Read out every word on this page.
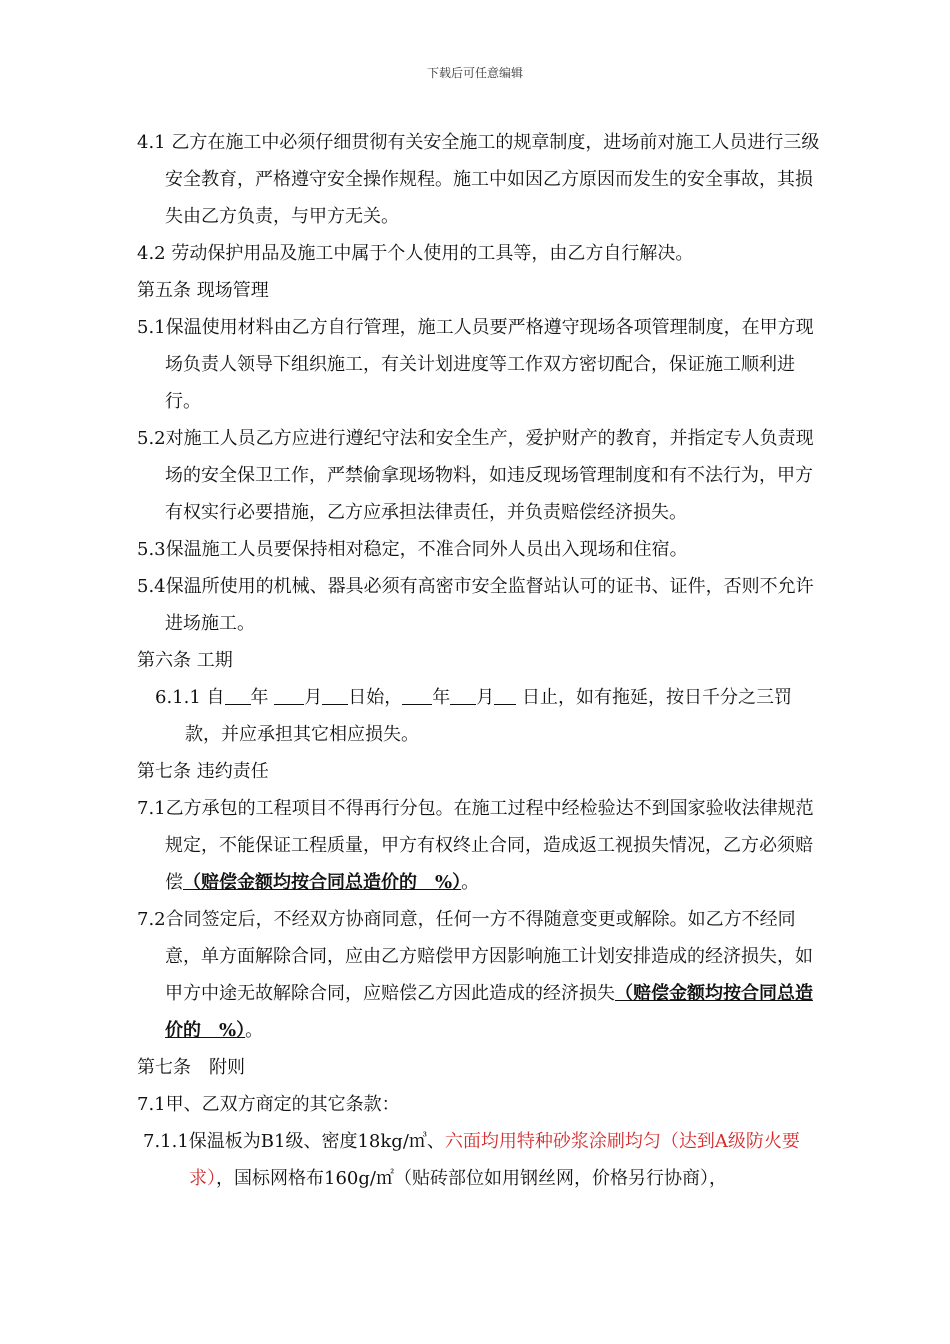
下载后可任意编辑

4.1 乙方在施工中必须仔细贯彻有关安全施工的规章制度，进场前对施工人员进行三级安全教育，严格遵守安全操作规程。施工中如因乙方原因而发生的安全事故，其损失由乙方负责，与甲方无关。

4.2 劳动保护用品及施工中属于个人使用的工具等，由乙方自行解决。

第五条 现场管理

5.1保温使用材料由乙方自行管理，施工人员要严格遵守现场各项管理制度，在甲方现场负责人领导下组织施工，有关计划进度等工作双方密切配合，保证施工顺利进行。

5.2对施工人员乙方应进行遵纪守法和安全生产，爱护财产的教育，并指定专人负责现场的安全保卫工作，严禁偷拿现场物料，如违反现场管理制度和有不法行为，甲方有权实行必要措施，乙方应承担法律责任，并负责赔偿经济损失。

5.3保温施工人员要保持相对稳定，不准合同外人员出入现场和住宿。

5.4保温所使用的机械、器具必须有高密市安全监督站认可的证书、证件，否则不允许进场施工。

第六条 工期

6.1.1 自 年 月 日始， 年 月 日止，如有拖延，按日千分之三罚款，并应承担其它相应损失。

第七条 违约责任

7.1乙方承包的工程项目不得再行分包。在施工过程中经检验达不到国家验收法律规范规定，不能保证工程质量，甲方有权终止合同，造成返工视损失情况，乙方必须赔偿（赔偿金额均按合同总造价的　%）。

7.2合同签定后，不经双方协商同意，任何一方不得随意变更或解除。如乙方不经同意，单方面解除合同，应由乙方赔偿甲方因影响施工计划安排造成的经济损失，如甲方中途无故解除合同，应赔偿乙方因此造成的经济损失（赔偿金额均按合同总造价的　%）。

第七条　附则

7.1甲、乙双方商定的其它条款：

7.1.1保温板为B1级、密度18kg/㎥、六面均用特种砂浆涂刷均匀（达到A级防火要求），国标网格布160g/㎡（贴砖部位如用钢丝网，价格另行协商），
